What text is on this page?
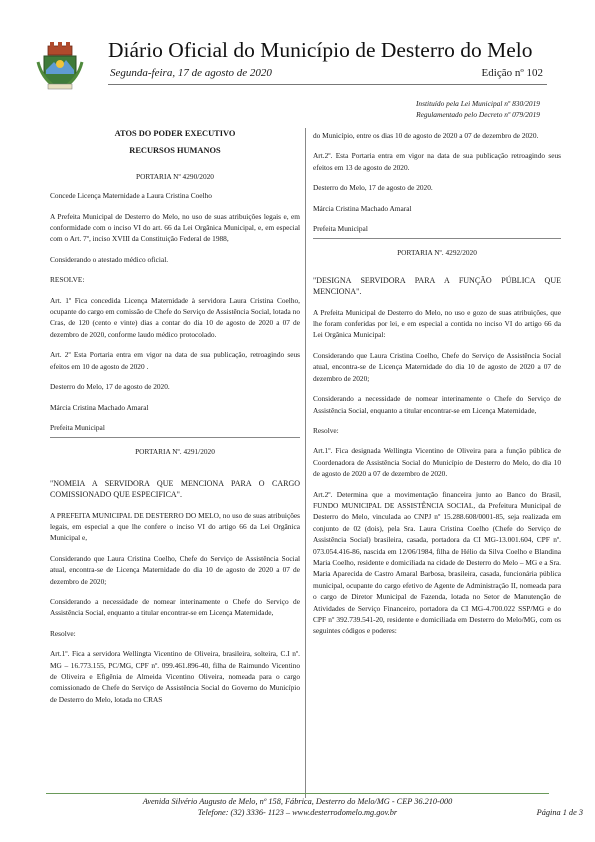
Diário Oficial do Município de Desterro do Melo
Segunda-feira, 17 de agosto de 2020	Edição nº 102
Instituído pela Lei Municipal nº 830/2019
Regulamentado pelo Decreto nº 079/2019

ATOS DO PODER EXECUTIVO

RECURSOS HUMANOS

PORTARIA Nº 4290/2020

Concede Licença Maternidade a Laura Cristina Coelho

A Prefeita Municipal de Desterro do Melo, no uso de suas atribuições legais e, em conformidade com o inciso VI do art. 66 da Lei Orgânica Municipal, e, em especial com o Art. 7º, inciso XVIII da Constituição Federal de 1988,

Considerando o atestado médico oficial.

RESOLVE:

Art. 1º Fica concedida Licença Maternidade à servidora Laura Cristina Coelho, ocupante do cargo em comissão de Chefe do Serviço de Assistência Social, lotada no Cras, de 120 (cento e vinte) dias a contar do dia 10 de agosto de 2020 a 07 de dezembro de 2020, conforme laudo médico protocolado.

Art. 2º Esta Portaria entra em vigor na data de sua publicação, retroagindo seus efeitos em 10 de agosto de 2020 .

Desterro do Melo, 17 de agosto de 2020.

Márcia Cristina Machado Amaral

Prefeita Municipal

PORTARIA Nº. 4291/2020

"NOMEIA A SERVIDORA QUE MENCIONA PARA O CARGO COMISSIONADO QUE ESPECIFICA".

A PREFEITA MUNICIPAL DE DESTERRO DO MELO, no uso de suas atribuições legais, em especial a que lhe confere o inciso VI do artigo 66 da Lei Orgânica Municipal e,

Considerando que Laura Cristina Coelho, Chefe do Serviço de Assistência Social atual, encontra-se de Licença Maternidade do dia 10 de agosto de 2020 a 07 de dezembro de 2020;

Considerando a necessidade de nomear interinamente o Chefe do Serviço de Assistência Social, enquanto a titular encontrar-se em Licença Maternidade,

Resolve:

Art.1º. Fica a servidora Wellingta Vicentino de Oliveira, brasileira, solteira, C.I nº. MG – 16.773.155, PC/MG, CPF nº. 099.461.896-40, filha de Raimundo Vicentino de Oliveira e Efigênia de Almeida Vicentino Oliveira, nomeada para o cargo comissionado de Chefe do Serviço de Assistência Social do Governo do Município de Desterro do Melo, lotada no CRAS

do Município, entre os dias 10 de agosto de 2020 a 07 de dezembro de 2020.

Art.2º. Esta Portaria entra em vigor na data de sua publicação retroagindo seus efeitos em 13 de agosto de 2020.

Desterro do Melo, 17 de agosto de 2020.

Márcia Cristina Machado Amaral

Prefeita Municipal

PORTARIA Nº. 4292/2020

"DESIGNA SERVIDORA PARA A FUNÇÃO PÚBLICA QUE MENCIONA".

A Prefeita Municipal de Desterro do Melo, no uso e gozo de suas atribuições, que lhe foram conferidas por lei, e em especial a contida no inciso VI do artigo 66 da Lei Orgânica Municipal:

Considerando que Laura Cristina Coelho, Chefe do Serviço de Assistência Social atual, encontra-se de Licença Maternidade do dia 10 de agosto de 2020 a 07 de dezembro de 2020;

Considerando a necessidade de nomear interinamente o Chefe do Serviço de Assistência Social, enquanto a titular encontrar-se em Licença Maternidade,

Resolve:

Art.1º. Fica designada Wellingta Vicentino de Oliveira para a função pública de Coordenadora de Assistência Social do Município de Desterro do Melo, do dia 10 de agosto de 2020 a 07 de dezembro de 2020.

Art.2º. Determina que a movimentação financeira junto ao Banco do Brasil, FUNDO MUNICIPAL DE ASSISTÊNCIA SOCIAL, da Prefeitura Municipal de Desterro do Melo, vinculada ao CNPJ nº 15.288.608/0001-85, seja realizada em conjunto de 02 (dois), pela Sra. Laura Cristina Coelho (Chefe do Serviço de Assistência Social) brasileira, casada, portadora da CI MG-13.001.604, CPF nº. 073.054.416-86, nascida em 12/06/1984, filha de Hélio da Silva Coelho e Blandina Maria Coelho, residente e domiciliada na cidade de Desterro do Melo – MG e a Sra. Maria Aparecida de Castro Amaral Barbosa, brasileira, casada, funcionária pública municipal, ocupante do cargo efetivo de Agente de Administração II, nomeada para o cargo de Diretor Municipal de Fazenda, lotada no Setor de Manutenção de Atividades de Serviço Financeiro, portadora da CI MG-4.700.022 SSP/MG e do CPF nº 392.739.541-20, residente e domiciliada em Desterro do Melo/MG, com os seguintes códigos e poderes:

Avenida Silvério Augusto de Melo, nº 158, Fábrica, Desterro do Melo/MG - CEP 36.210-000
Telefone: (32) 3336- 1123 – www.desterrodomelo.mg.gov.br	Página 1 de 3
